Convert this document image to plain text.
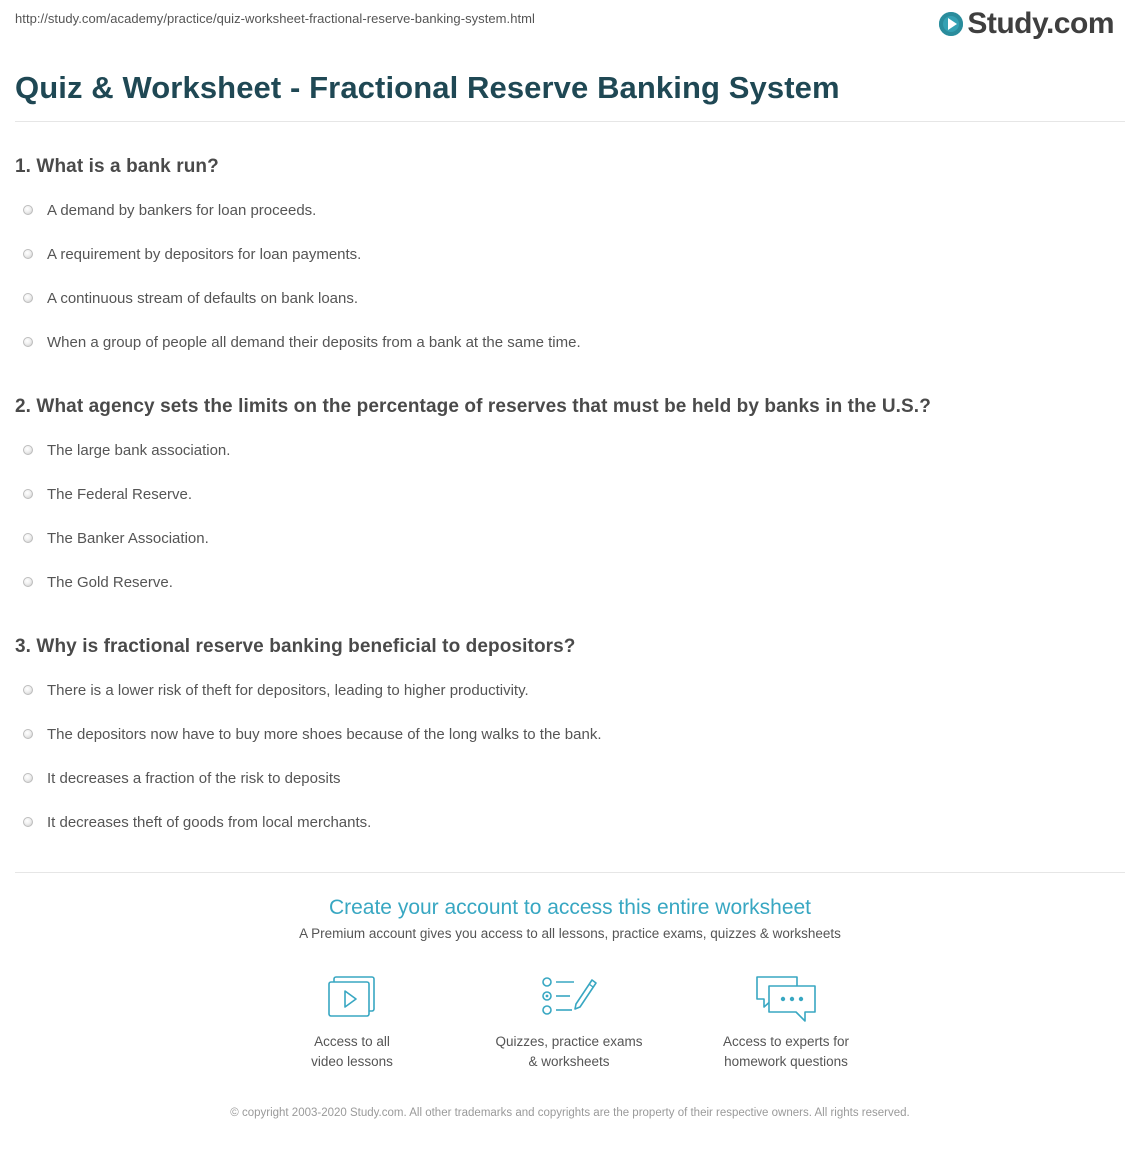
http://study.com/academy/practice/quiz-worksheet-fractional-reserve-banking-system.html	Study.com
Quiz & Worksheet - Fractional Reserve Banking System
1. What is a bank run?
A demand by bankers for loan proceeds.
A requirement by depositors for loan payments.
A continuous stream of defaults on bank loans.
When a group of people all demand their deposits from a bank at the same time.
2. What agency sets the limits on the percentage of reserves that must be held by banks in the U.S.?
The large bank association.
The Federal Reserve.
The Banker Association.
The Gold Reserve.
3. Why is fractional reserve banking beneficial to depositors?
There is a lower risk of theft for depositors, leading to higher productivity.
The depositors now have to buy more shoes because of the long walks to the bank.
It decreases a fraction of the risk to deposits
It decreases theft of goods from local merchants.
Create your account to access this entire worksheet
A Premium account gives you access to all lessons, practice exams, quizzes & worksheets
Access to all
video lessons
Quizzes, practice exams
& worksheets
Access to experts for
homework questions
© copyright 2003-2020 Study.com. All other trademarks and copyrights are the property of their respective owners. All rights reserved.
